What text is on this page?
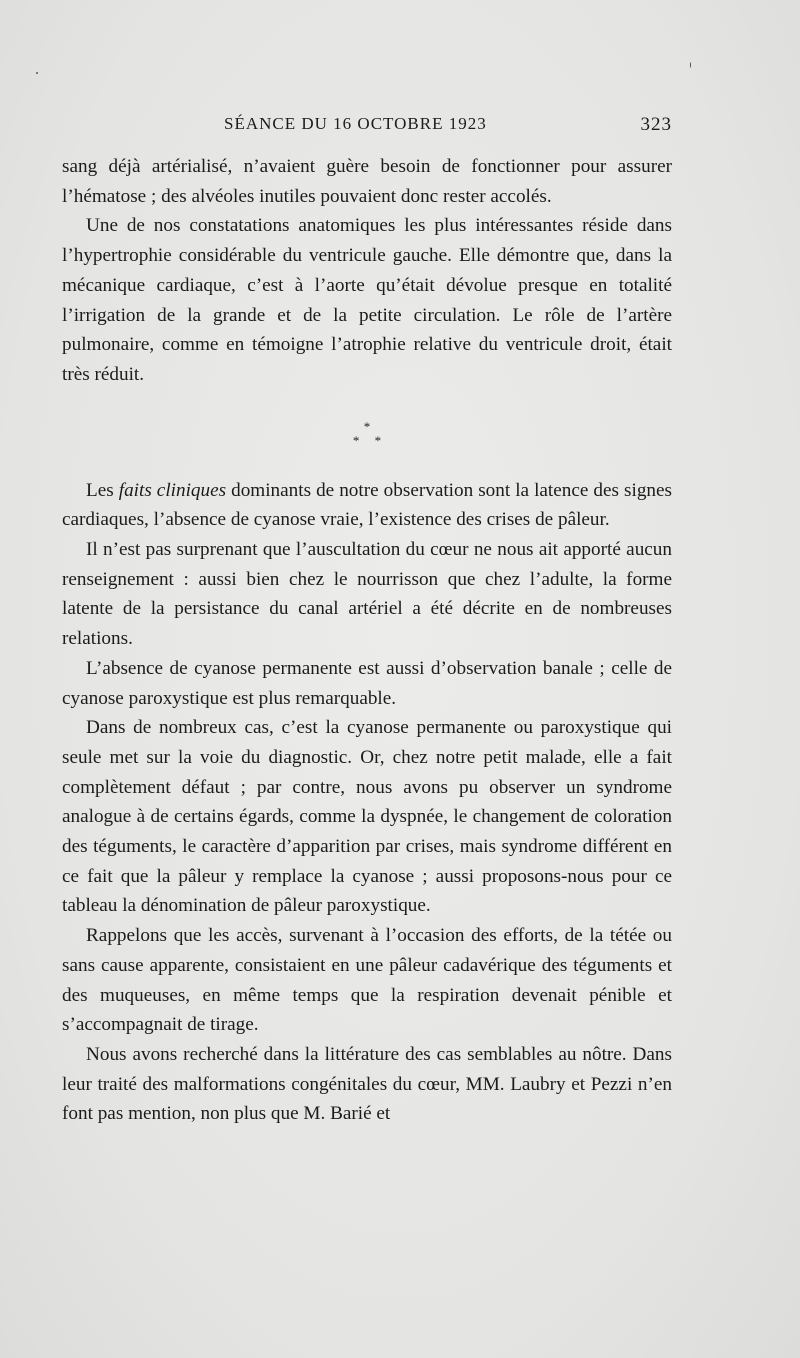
SÉANCE DU 16 OCTOBRE 1923	323

sang déjà artérialisé, n’avaient guère besoin de fonctionner pour assurer l’hématose ; des alvéoles inutiles pouvaient donc rester accolés.

Une de nos constatations anatomiques les plus intéressantes réside dans l’hypertrophie considérable du ventricule gauche. Elle démontre que, dans la mécanique cardiaque, c’est à l’aorte qu’était dévolue presque en totalité l’irrigation de la grande et de la petite circulation. Le rôle de l’artère pulmonaire, comme en témoigne l’atrophie relative du ventricule droit, était très réduit.

*
* *

Les faits cliniques dominants de notre observation sont la latence des signes cardiaques, l’absence de cyanose vraie, l’existence des crises de pâleur.

Il n’est pas surprenant que l’auscultation du cœur ne nous ait apporté aucun renseignement : aussi bien chez le nourrisson que chez l’adulte, la forme latente de la persistance du canal artériel a été décrite en de nombreuses relations.

L’absence de cyanose permanente est aussi d’observation banale ; celle de cyanose paroxystique est plus remarquable.

Dans de nombreux cas, c’est la cyanose permanente ou paroxystique qui seule met sur la voie du diagnostic. Or, chez notre petit malade, elle a fait complètement défaut ; par contre, nous avons pu observer un syndrome analogue à de certains égards, comme la dyspnée, le changement de coloration des téguments, le caractère d’apparition par crises, mais syndrome différent en ce fait que la pâleur y remplace la cyanose ; aussi proposons-nous pour ce tableau la dénomination de pâleur paroxystique.

Rappelons que les accès, survenant à l’occasion des efforts, de la tétée ou sans cause apparente, consistaient en une pâleur cadavérique des téguments et des muqueuses, en même temps que la respiration devenait pénible et s’accompagnait de tirage.

Nous avons recherché dans la littérature des cas semblables au nôtre. Dans leur traité des malformations congénitales du cœur, MM. Laubry et Pezzi n’en font pas mention, non plus que M. Barié et
